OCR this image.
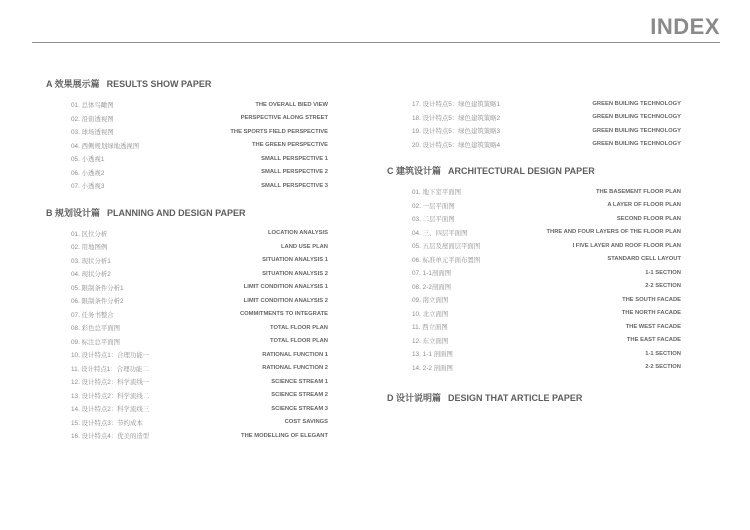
INDEX
A 效果展示篇 RESULTS SHOW PAPER
01. 总体鸟瞰图	THE OVERALL BIED VIEW
02. 沿街透视图	PERSPECTIVE ALONG STREET
03. 球场透视图	THE SPORTS FIELD PERSPECTIVE
04. 西侧规划绿地透视图	THE GREEN PERSPECTIVE
05. 小透视1	SMALL PERSPECTIVE 1
06. 小透视2	SMALL PERSPECTIVE 2
07. 小透视3	SMALL PERSPECTIVE 3
B 规划设计篇 PLANNING AND DESIGN PAPER
01. 区位分析	LOCATION ANALYSIS
02. 用地图例	LAND USE PLAN
03. 现状分析1	SITUATION ANALYSIS 1
04. 现状分析2	SITUATION ANALYSIS 2
05. 限制条件分析1	LIMIT CONDITION ANALYSIS 1
06. 限制条件分析2	LIMIT CONDITION ANALYSIS 2
07. 任务书整合	COMMITMENTS TO INTEGRATE
08. 彩色总平面图	TOTAL FLOOR PLAN
09. 标注总平面图	TOTAL FLOOR PLAN
10. 设计特点1：合理功能一	RATIONAL FUNCTION 1
11. 设计特点1：合理功能二	RATIONAL FUNCTION 2
12. 设计特点2：科学流线一	SCIENCE STREAM 1
13. 设计特点2：科学流线二	SCIENCE STREAM 2
14. 设计特点2：科学流线三	SCIENCE STREAM 3
15. 设计特点3：节约成本	COST SAVINGS
16. 设计特点4：优美的造型	THE MODELLING OF ELEGANT
17. 设计特点5：绿色建筑策略1	GREEN BUILING TECHNOLOGY
18. 设计特点5：绿色建筑策略2	GREEN BUILING TECHNOLOGY
19. 设计特点5：绿色建筑策略3	GREEN BUILING TECHNOLOGY
20. 设计特点5：绿色建筑策略4	GREEN BUILING TECHNOLOGY
C 建筑设计篇 ARCHITECTURAL DESIGN PAPER
01. 地下室平面图	THE BASEMENT FLOOR PLAN
02. 一层平面图	A LAYER OF FLOOR PLAN
03. 二层平面图	SECOND FLOOR PLAN
04. 三、四层平面图	THRE AND FOUR LAYERS OF THE FLOOR PLAN
05. 五层及屋面层平面图	I FIVE LAYER AND ROOF FLOOR PLAN
06. 标准单元平面布置图	STANDARD CELL LAYOUT
07. 1-1剖面图	1-1 SECTION
08. 2-2剖面图	2-2 SECTION
09. 南立面图	THE SOUTH FACADE
10. 北立面图	THE NORTH FACADE
11. 西立面图	THE WEST FACADE
12. 东立面图	THE EAST FACADE
13. 1-1 剖面图	1-1 SECTION
14. 2-2 剖面图	2-2 SECTION
D 设计说明篇 DESIGN THAT ARTICLE PAPER
